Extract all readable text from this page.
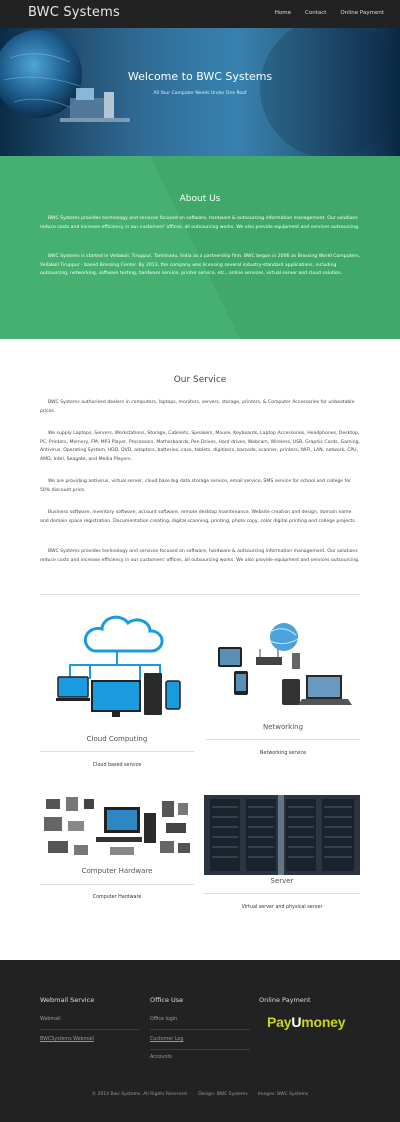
BWC Systems	Home	Contact	Online Payment
Welcome to BWC Systems
All Your Computer Needs Under One Roof
About Us

BWC Systems provides technology and services focused on software, hardware & outsourcing information management. Our solutions reduce costs and increase efficiency in our customers' offices, all outsourcing works. We also provide equipment and services outsourcing.

BWC Systems is started in Vellakoil, Tiruppur, Tamilnadu, India as a partnership firm. BWC began in 2006 as Brossing World Computers, Vellakoil Tiruppur - based Brossing Center. By 2013, the company was licensing several industry-standard applications, including outsourcing, networking, software testing, hardware service, printer service, etc., online services, virtual server and cloud solution.

Our Service

BWC Systems authorised dealers in computers, laptops, monitors, servers, storage, printers, & Computer Accessories for unbeatable prices.

We supply Laptops, Servers, Workstations, Storage, Cabinets, Speakers, Mouse, Keyboards, Laptop Accessories, Headphones, Desktop, PC, Printers, Memory, FM, MP3 Player, Processors, Motherboards, Pen Drives, Hard drives, Webcam, Wireless, USB, Graphic Cards, Gaming, Antivirus, Operating System, HDD, DVD, adapters, batteries, case, tablets, digitizers, barcode, scanner, printers, WIFI, LAN, network, CPU, AMD, Intel, Seagate, and Media Players.

We are providing antivirus, virtual server, cloud base big data storage service, email service, SMS service for school and college for 50% discount price.

Business software, inventory software, account software, remote desktop maintenance, Website creation and design, domain name and domain space registration. Documentation creating, digital scanning, printing, photo copy, color digital printing and college projects.

BWC Systems provides technology and services focused on software, hardware & outsourcing information management. Our solutions reduce costs and increase efficiency in our customers' offices, all outsourcing works. We also provide equipment and services outsourcing.

Cloud Computing
Cloud based service
Networking
Networking service
Computer Hardware
Computer Hardware
Server
Virtual server and physical server
Webmail Service
Webmail
BWCSystems Webmail
Office Use
Office login
Customer Log
Accounts
Online Payment
PayUmoney
© 2014 Bwc Systems. All Rights Reserved. Design: BWC Systems Images: BWC Systems
